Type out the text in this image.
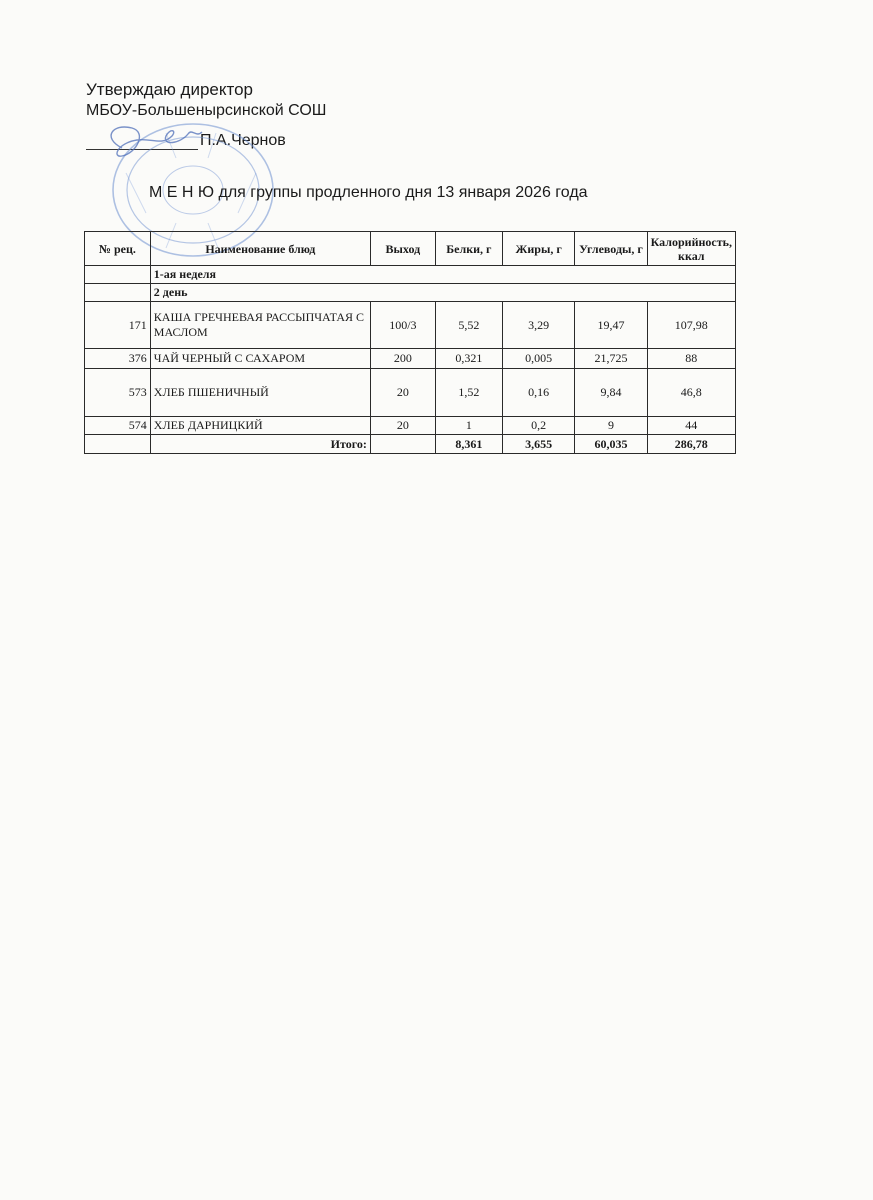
Утверждаю директор
МБОУ-Большенырсинской СОШ
П.А.Чернов
М Е Н Ю для группы продленного дня 13 января 2026 года
№ рец.	Наименование блюд	Выход	Белки, г	Жиры, г	Углеводы, г	Калорийность, ккал
	1-ая неделя					
	2 день					
171	КАША ГРЕЧНЕВАЯ РАССЫПЧАТАЯ С МАСЛОМ	100/3	5,52	3,29	19,47	107,98
376	ЧАЙ ЧЕРНЫЙ С САХАРОМ	200	0,321	0,005	21,725	88
573	ХЛЕБ ПШЕНИЧНЫЙ	20	1,52	0,16	9,84	46,8
574	ХЛЕБ ДАРНИЦКИЙ	20	1	0,2	9	44
	Итого:		8,361	3,655	60,035	286,78
